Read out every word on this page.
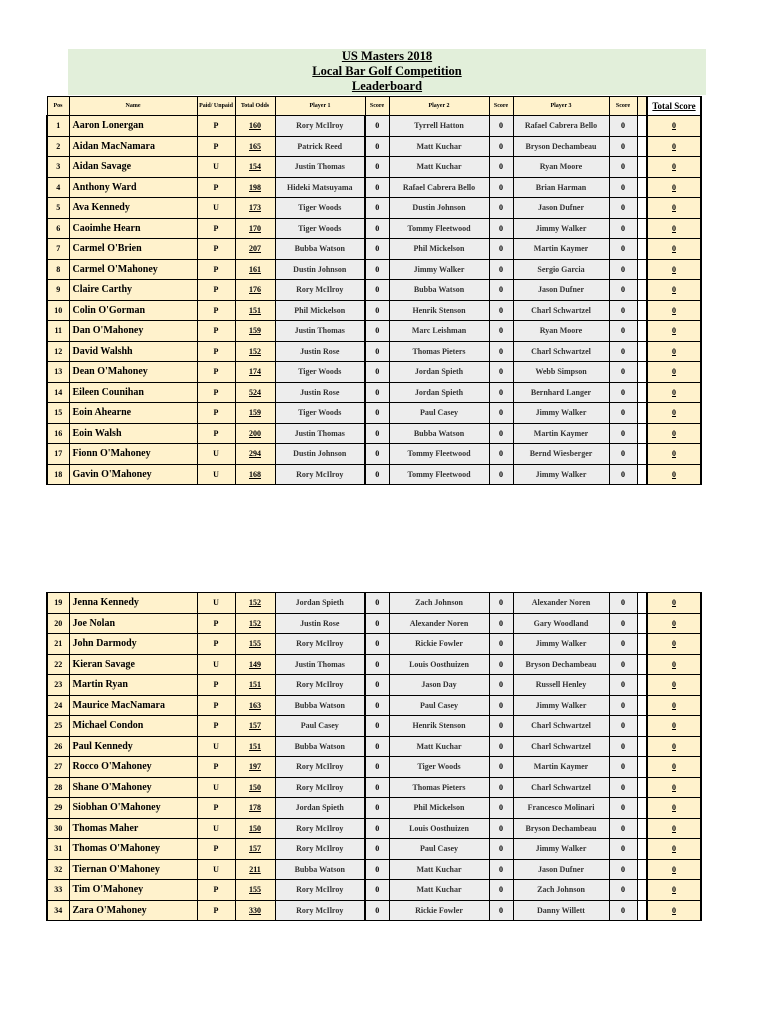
US Masters 2018
Local Bar Golf Competition
Leaderboard
Pos	Name	Paid/ Unpaid	Total Odds	Player 1	Score	Player 2	Score	Player 3	Score		Total Score
1	Aaron Lonergan	P	160	Rory McIlroy	0	Tyrrell Hatton	0	Rafael Cabrera Bello	0		0
2	Aidan MacNamara	P	165	Patrick Reed	0	Matt Kuchar	0	Bryson Dechambeau	0		0
3	Aidan Savage	U	154	Justin Thomas	0	Matt Kuchar	0	Ryan Moore	0		0
4	Anthony Ward	P	198	Hideki Matsuyama	0	Rafael Cabrera Bello	0	Brian Harman	0		0
5	Ava Kennedy	U	173	Tiger Woods	0	Dustin Johnson	0	Jason Dufner	0		0
6	Caoimhe Hearn	P	170	Tiger Woods	0	Tommy Fleetwood	0	Jimmy Walker	0		0
7	Carmel O'Brien	P	207	Bubba Watson	0	Phil Mickelson	0	Martin Kaymer	0		0
8	Carmel O'Mahoney	P	161	Dustin Johnson	0	Jimmy Walker	0	Sergio Garcia	0		0
9	Claire Carthy	P	176	Rory McIlroy	0	Bubba Watson	0	Jason Dufner	0		0
10	Colin O'Gorman	P	151	Phil Mickelson	0	Henrik Stenson	0	Charl Schwartzel	0		0
11	Dan O'Mahoney	P	159	Justin Thomas	0	Marc Leishman	0	Ryan Moore	0		0
12	David Walshh	P	152	Justin Rose	0	Thomas Pieters	0	Charl Schwartzel	0		0
13	Dean O'Mahoney	P	174	Tiger Woods	0	Jordan Spieth	0	Webb Simpson	0		0
14	Eileen Counihan	P	524	Justin Rose	0	Jordan Spieth	0	Bernhard Langer	0		0
15	Eoin Ahearne	P	159	Tiger Woods	0	Paul Casey	0	Jimmy Walker	0		0
16	Eoin Walsh	P	200	Justin Thomas	0	Bubba Watson	0	Martin Kaymer	0		0
17	Fionn O'Mahoney	U	294	Dustin Johnson	0	Tommy Fleetwood	0	Bernd Wiesberger	0		0
18	Gavin O'Mahoney	U	168	Rory McIlroy	0	Tommy Fleetwood	0	Jimmy Walker	0		0
19	Jenna Kennedy	U	152	Jordan Spieth	0	Zach Johnson	0	Alexander Noren	0		0
20	Joe Nolan	P	152	Justin Rose	0	Alexander Noren	0	Gary Woodland	0		0
21	John Darmody	P	155	Rory McIlroy	0	Rickie Fowler	0	Jimmy Walker	0		0
22	Kieran Savage	U	149	Justin Thomas	0	Louis Oosthuizen	0	Bryson Dechambeau	0		0
23	Martin Ryan	P	151	Rory McIlroy	0	Jason Day	0	Russell Henley	0		0
24	Maurice MacNamara	P	163	Bubba Watson	0	Paul Casey	0	Jimmy Walker	0		0
25	Michael Condon	P	157	Paul Casey	0	Henrik Stenson	0	Charl Schwartzel	0		0
26	Paul Kennedy	U	151	Bubba Watson	0	Matt Kuchar	0	Charl Schwartzel	0		0
27	Rocco O'Mahoney	P	197	Rory McIlroy	0	Tiger Woods	0	Martin Kaymer	0		0
28	Shane O'Mahoney	U	150	Rory McIlroy	0	Thomas Pieters	0	Charl Schwartzel	0		0
29	Siobhan O'Mahoney	P	178	Jordan Spieth	0	Phil Mickelson	0	Francesco Molinari	0		0
30	Thomas Maher	U	150	Rory McIlroy	0	Louis Oosthuizen	0	Bryson Dechambeau	0		0
31	Thomas O'Mahoney	P	157	Rory McIlroy	0	Paul Casey	0	Jimmy Walker	0		0
32	Tiernan O'Mahoney	U	211	Bubba Watson	0	Matt Kuchar	0	Jason Dufner	0		0
33	Tim O'Mahoney	P	155	Rory McIlroy	0	Matt Kuchar	0	Zach Johnson	0		0
34	Zara O'Mahoney	P	330	Rory McIlroy	0	Rickie Fowler	0	Danny Willett	0		0
